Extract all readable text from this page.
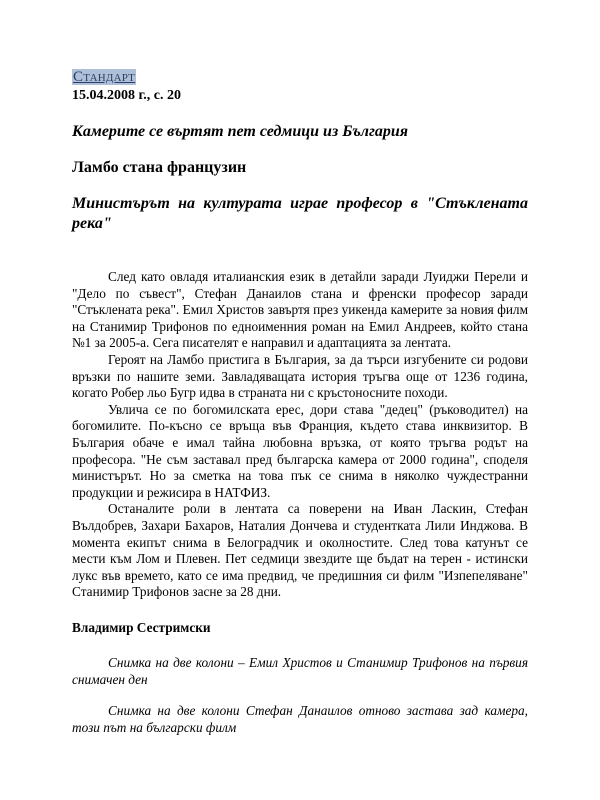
Стандарт
15.04.2008 г., с. 20
Камерите се въртят пет седмици из България
Ламбо стана французин
Министърът на културата играе професор в "Стъклената река"

След като овладя италианския език в детайли заради Луиджи Перели и "Дело по съвест", Стефан Данаилов стана и френски професор заради "Стъклената река". Емил Христов завъртя през уикенда камерите за новия филм на Станимир Трифонов по едноименния роман на Емил Андреев, който стана №1 за 2005-а. Сега писателят е направил и адаптацията за лентата.

Героят на Ламбо пристига в България, за да търси изгубените си родови връзки по нашите земи. Завладяващата история тръгва още от 1236 година, когато Робер льо Бугр идва в страната ни с кръстоносните походи.

Увлича се по богомилската ерес, дори става "дедец" (ръководител) на богомилите. По-късно се връща във Франция, където става инквизитор. В България обаче е имал тайна любовна връзка, от която тръгва родът на професора. "Не съм заставал пред българска камера от 2000 година", споделя министърът. Но за сметка на това пък се снима в няколко чуждестранни продукции и режисира в НАТФИЗ.

Останалите роли в лентата са поверени на Иван Ласкин, Стефан Вълдобрев, Захари Бахаров, Наталия Дончева и студентката Лили Инджова. В момента екипът снима в Белоградчик и околностите. След това катунът се мести към Лом и Плевен. Пет седмици звездите ще бъдат на терен - истински лукс във времето, като се има предвид, че предишния си филм "Изпепеляване" Станимир Трифонов засне за 28 дни.

Владимир Сестримски

Снимка на две колони – Емил Христов и Станимир Трифонов на първия снимачен ден

Снимка на две колони Стефан Данаилов отново заставa зад камера, този път на български филм
